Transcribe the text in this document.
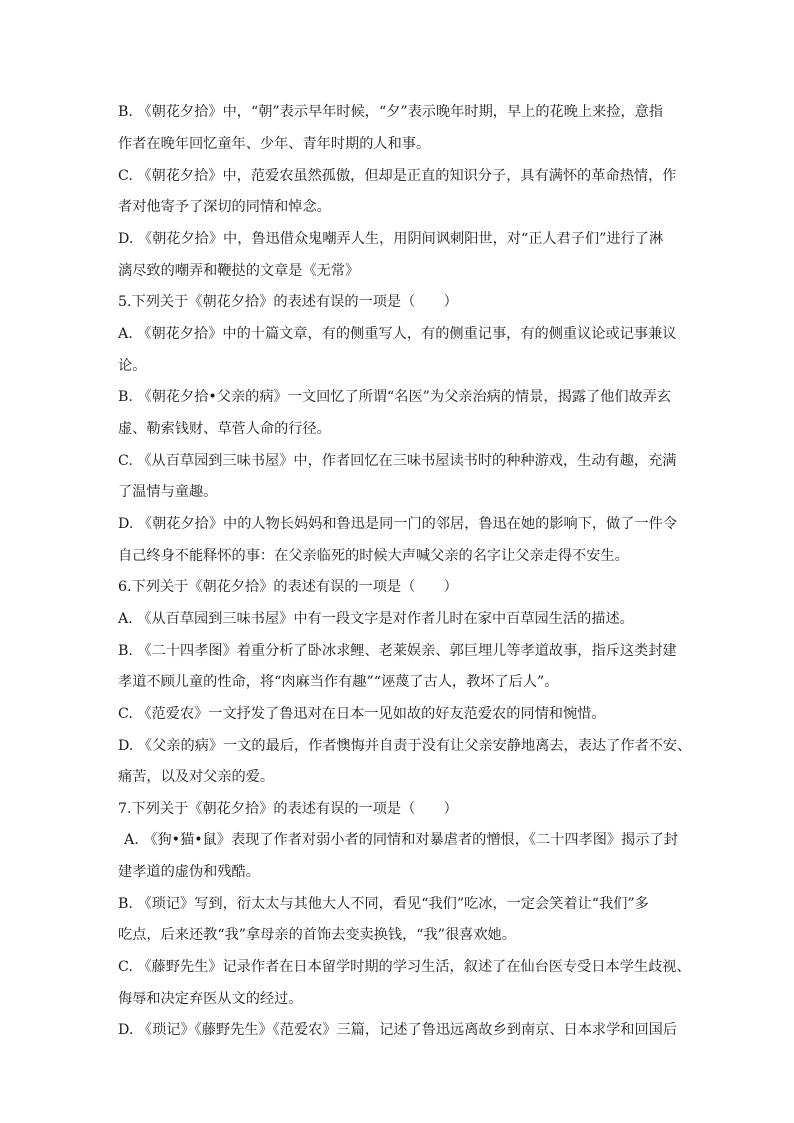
B. 《朝花夕拾》中，“朝”表示早年时候，“夕”表示晚年时期，早上的花晚上来捡，意指
作者在晚年回忆童年、少年、青年时期的人和事。
C. 《朝花夕拾》中，范爱农虽然孤傲，但却是正直的知识分子，具有满怀的革命热情，作
者对他寄予了深切的同情和悼念。
D. 《朝花夕拾》中，鲁迅借众鬼嘲弄人生，用阴间讽刺阳世，对“正人君子们”进行了淋
漓尽致的嘲弄和鞭挞的文章是《无常》
5.下列关于《朝花夕拾》的表述有误的一项是（　　）
A. 《朝花夕拾》中的十篇文章，有的侧重写人，有的侧重记事，有的侧重议论或记事兼议
论。
B. 《朝花夕拾•父亲的病》一文回忆了所谓“名医”为父亲治病的情景，揭露了他们故弄玄
虚、勒索钱财、草菅人命的行径。
C. 《从百草园到三味书屋》中，作者回忆在三味书屋读书时的种种游戏，生动有趣，充满
了温情与童趣。
D. 《朝花夕拾》中的人物长妈妈和鲁迅是同一门的邻居，鲁迅在她的影响下，做了一件令
自己终身不能释怀的事：在父亲临死的时候大声喊父亲的名字让父亲走得不安生。
6.下列关于《朝花夕拾》的表述有误的一项是（　　）
A. 《从百草园到三味书屋》中有一段文字是对作者儿时在家中百草园生活的描述。
B. 《二十四孝图》着重分析了卧冰求鲤、老莱娱亲、郭巨埋儿等孝道故事，指斥这类封建
孝道不顾儿童的性命，将“肉麻当作有趣”“诬蔑了古人，教坏了后人”。
C. 《范爱农》一文抒发了鲁迅对在日本一见如故的好友范爱农的同情和惋惜。
D. 《父亲的病》一文的最后，作者懊悔并自责于没有让父亲安静地离去，表达了作者不安、
痛苦，以及对父亲的爱。
7.下列关于《朝花夕拾》的表述有误的一项是（　　）
A. 《狗•猫•鼠》表现了作者对弱小者的同情和对暴虐者的憎恨，《二十四孝图》揭示了封
建孝道的虚伪和残酷。
B. 《琐记》写到，衍太太与其他大人不同，看见“我们”吃冰，一定会笑着让“我们”多
吃点，后来还教“我”拿母亲的首饰去变卖换钱，“我”很喜欢她。
C. 《藤野先生》记录作者在日本留学时期的学习生活，叙述了在仙台医专受日本学生歧视、
侮辱和决定弃医从文的经过。
D. 《琐记》《藤野先生》《范爱农》三篇，记述了鲁迅远离故乡到南京、日本求学和回国后
